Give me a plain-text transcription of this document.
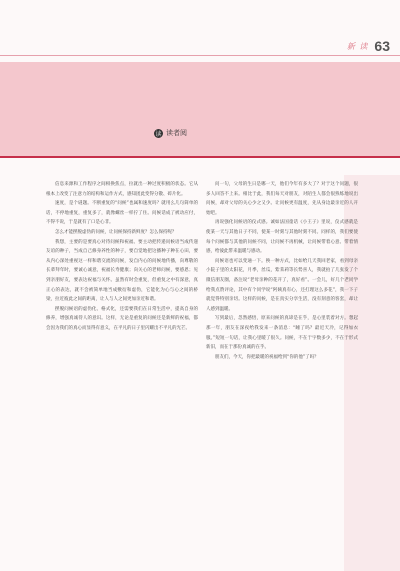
新 读 63
读 读者阅

信息来源和工作程序之间相换焦点，拉就出一种过度积极的状态。它从根本上改变了注意力的结构和运作方式，感知团此变得分散、碎片化。

速度，是个谜题。不断重复的“问候”也属和速度吗？就用么几句简单的话，不停地重复，重复多了，就像螺丝一样拧了住。问候话成了被动应付，不得不说，于是就有了口是心非。

怎么才能摆脱虚伪的问候，让问候保持新鲜度？怎么保持呢？

我想，主要的是要真心对待问候和祝福。要主动把传递问候语当成传递友谊的种子，当成自己修身养性的种子，要自觉地把这播种子种在心田，要从内心深处重视这一样和谐交流的问候，发自内心的问候地传播，向尊敬的长辈拜年时，要诚心诚意，祝福长寿健康；向关心的老师问候，要感恩；见到亲朋好友，要表达祝福与关怀。虽然有时会重复，但重复之中有深意，真正心的表达，就不会被简单地当成敷衍和虚伪，它能化为心与心之间的桥梁，拉近彼此之间的距离，让人与人之间更加亲近和谐。

摆脱问候语的虚伪化、格式化，还需要我们在日常生活中，提高自身的修养，增强真诚待人的意识。这样，无论是重复的问候还是新鲜的祝福，都会因为我们的真心而显得有意义，在平凡的日子里闪耀出不平凡的光芒。

问一句，父母的生日是哪一天，他们今年有多大了？对于这个问题，很多人回答不上来。相比于此，我们每天对朋友，对陌生人都会很熟练地说出问候，却对父母的关心少之又少。让问候更有温度，先从身边最亲近的人开始吧。

再说强化问候语的仪式感。诚如法国童话《小王子》里说，仪式感就是使某一天与其他日子不同，使某一时刻与其他时刻不同。同样的，我们要使每个问候都与其他的问候不同，让问候不再机械，让问候带着心意、带着情感，给彼此带来温暖与感动。

问候语也可以变通一下。换一种方式，比如给几天我回老家，看到母亲小院子里的太阳花，月季，丝瓜，紫茉莉等长势喜人，我就拍了几张发了个微信朋友圈，备注说“老母亲种的花开了，真好看”。一会儿，好几个老同学给我点赞评论，其中有个同学说“阿姨真有心，还打理这么多花”，我一下子就觉得特别亲切。这样的问候，是在真实分享生活，没有刻意的客套，却让人感到温暖。

写到最后，忽然感悟，原来问候的真谛是在乎，是心里装着对方。想起那一年，朋友在深夜给我发来一条消息：“睡了吗？最近天冷，记得加衣服。”短短一句话，让我心里暖了很久。问候，不在于字数多少，不在于形式新旧，而在于那份真诚的在乎。

朋友们，今天，你把最暖的祝福给到“你的他”了吗？
